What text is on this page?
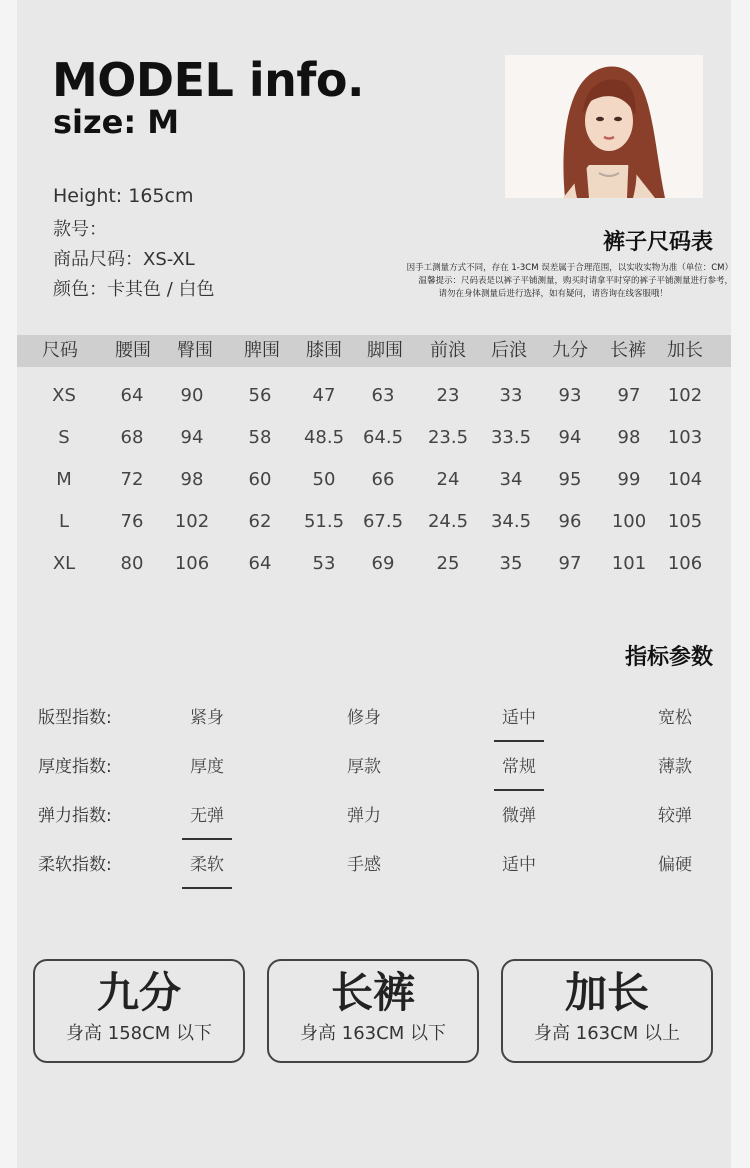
MODEL info.
size: M
Height: 165cm
款号：
商品尺码：XS-XL
颜色：卡其色 / 白色
裤子尺码表
因手工测量方式不同，存在 1-3CM 误差属于合理范围，以实收实物为准（单位：CM）
温馨提示：尺码表是以裤子平铺测量，购买时请拿平时穿的裤子平铺测量进行参考，
请勿在身体测量后进行选择，如有疑问，请咨询在线客服哦！
尺码	腰围	臀围	脾围	膝围	脚围	前浪	后浪	九分	长裤	加长
XS	64	90	56	47	63	23	33	93	97	102
S	68	94	58	48.5	64.5	23.5	33.5	94	98	103
M	72	98	60	50	66	24	34	95	99	104
L	76	102	62	51.5	67.5	24.5	34.5	96	100	105
XL	80	106	64	53	69	25	35	97	101	106
指标参数
版型指数:	紧身	修身	适中	宽松
厚度指数:	厚度	厚款	常规	薄款
弹力指数:	无弹	弹力	微弹	较弹
柔软指数:	柔软	手感	适中	偏硬
九分
身高 158CM 以下
长裤
身高 163CM 以下
加长
身高 163CM 以上
